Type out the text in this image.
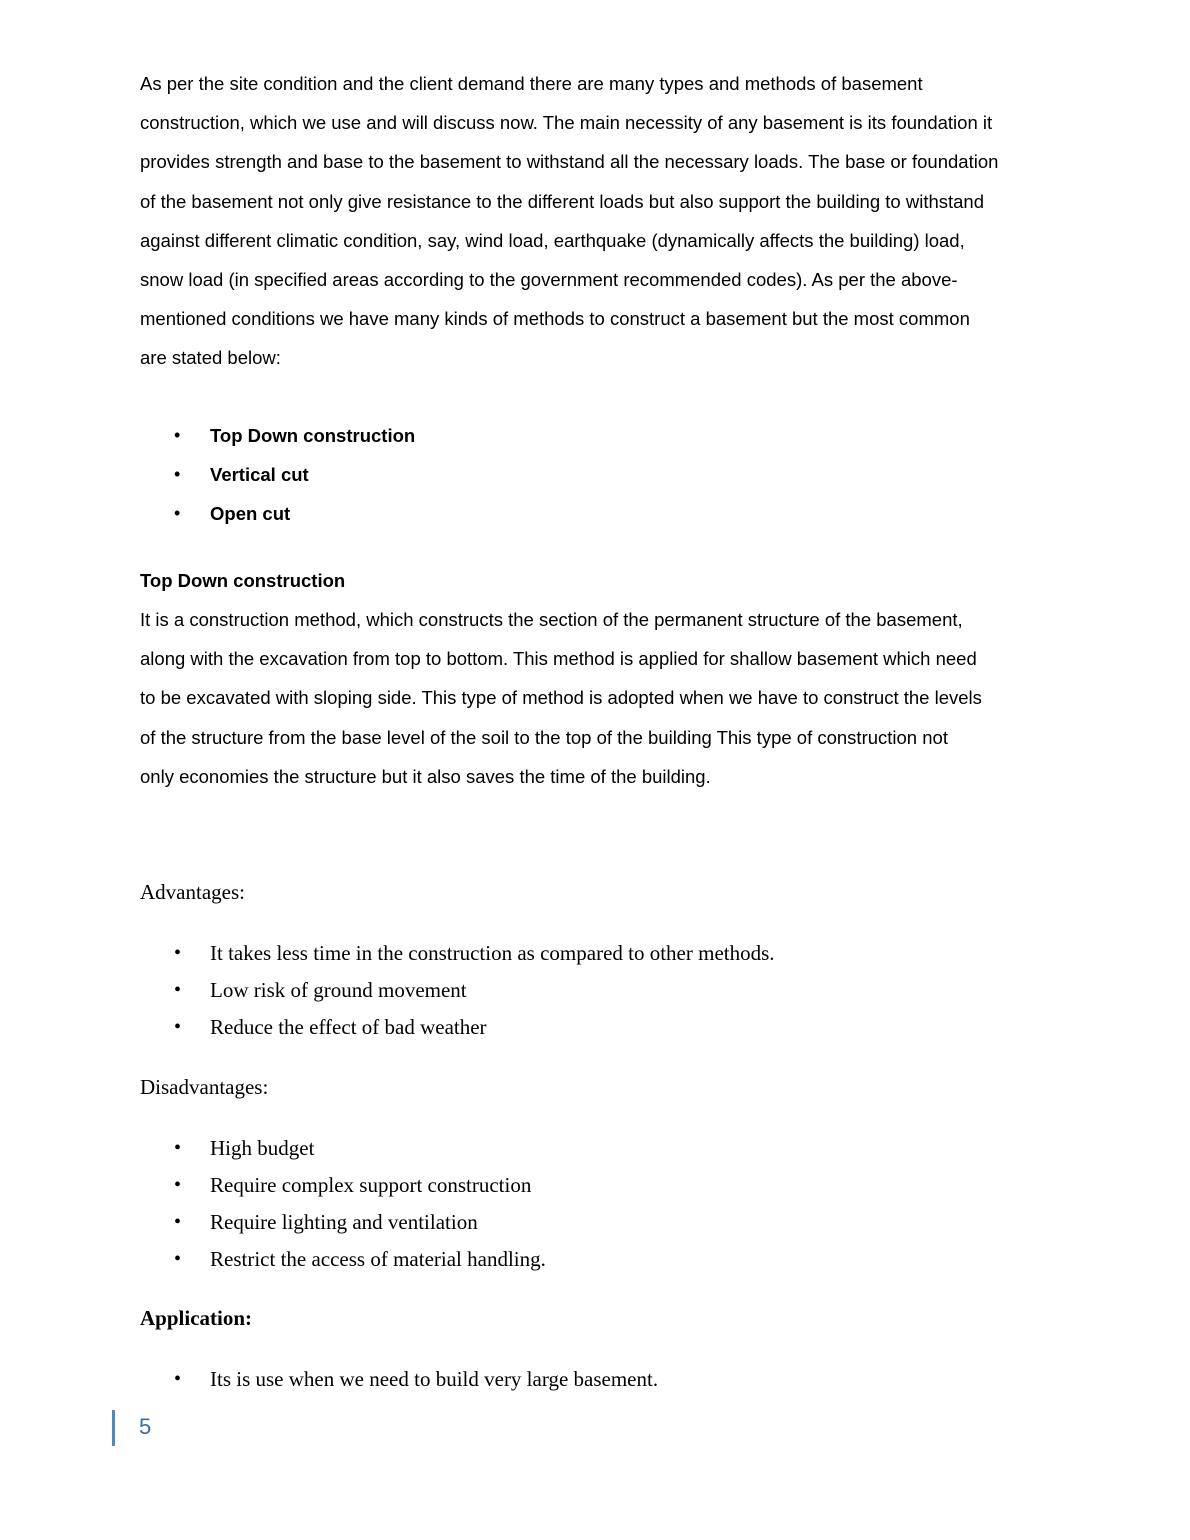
As per the site condition and the client demand there are many types and methods of basement
construction, which we use and will discuss now. The main necessity of any basement is its foundation it
provides strength and base to the basement to withstand all the necessary loads. The base or foundation
of the basement not only give resistance to the different loads but also support the building to withstand
against different climatic condition, say, wind load, earthquake (dynamically affects the building) load,
snow load (in specified areas according to the government recommended codes). As per the above-
mentioned conditions we have many kinds of methods to construct a basement but the most common
are stated below:
• Top Down construction
• Vertical cut
• Open cut
Top Down construction
It is a construction method, which constructs the section of the permanent structure of the basement,
along with the excavation from top to bottom. This method is applied for shallow basement which need
to be excavated with sloping side. This type of method is adopted when we have to construct the levels
of the structure from the base level of the soil to the top of the building This type of construction not
only economies the structure but it also saves the time of the building.

Advantages:

• It takes less time in the construction as compared to other methods.
• Low risk of ground movement
• Reduce the effect of bad weather

Disadvantages:

• High budget
• Require complex support construction
• Require lighting and ventilation
• Restrict the access of material handling.

Application:

• Its is use when we need to build very large basement.
5
